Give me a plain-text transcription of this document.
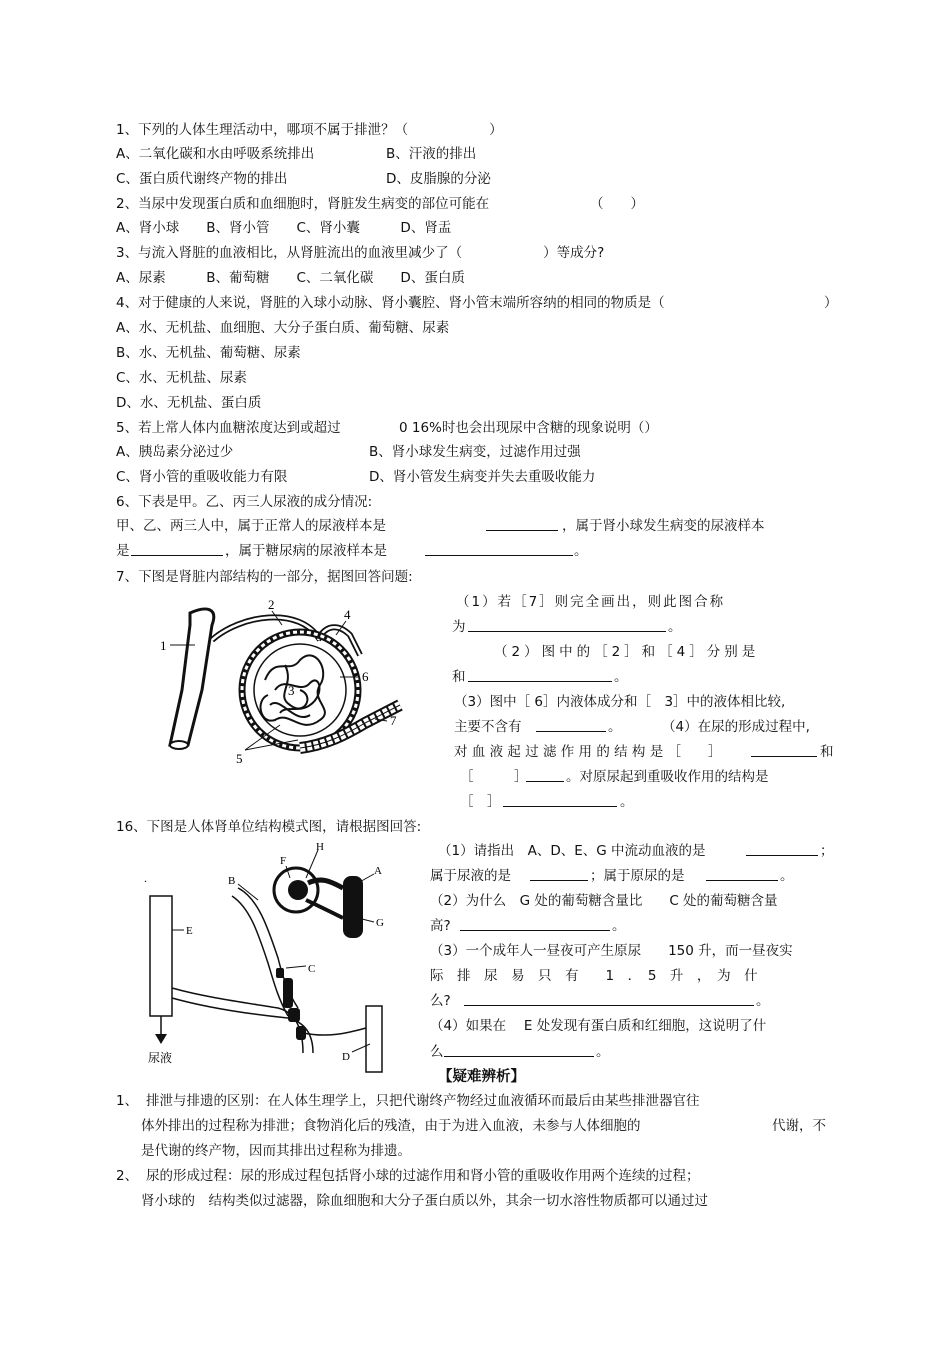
1、下列的人体生理活动中，哪项不属于排泄？（　　　　　　）
A、二氧化碳和水由呼吸系统排出	B、汗液的排出
C、蛋白质代谢终产物的排出	D、皮脂腺的分泌
2、当尿中发现蛋白质和血细胞时，肾脏发生病变的部位可能在	（　　）
A、肾小球　　B、肾小管　　C、肾小囊　　　D、肾盂
3、与流入肾脏的血液相比，从肾脏流出的血液里减少了（　　　　　　）等成分?
A、尿素　　　B、葡萄糖　　C、二氧化碳　　D、蛋白质
4、对于健康的人来说，肾脏的入球小动脉、肾小囊腔、肾小管末端所容纳的相同的物质是（	）
A、水、无机盐、血细胞、大分子蛋白质、葡萄糖、尿素
B、水、无机盐、葡萄糖、尿素
C、水、无机盐、尿素
D、水、无机盐、蛋白质
5、若上常人体内血糖浓度达到或超过	0 16%时也会出现尿中含糖的现象说明（）
A、胰岛素分泌过少	B、肾小球发生病变，过滤作用过强
C、肾小管的重吸收能力有限	D、肾小管发生病变并失去重吸收能力
6、下表是甲。乙、丙三人尿液的成分情况:
甲、乙、两三人中，属于正常人的尿液样本是	，属于肾小球发生病变的尿液样本
是	，属于糖尿病的尿液样本是	。
7、下图是肾脏内部结构的一部分，据图回答问题:
1
2
3
4
5
6
7
（1）若［7］则完全画出，则此图合称
为	。
（2）图中的［2］和［4］分别是
和	。
（3）图中［ 6］内液体成分和［　3］中的液体相比较,
主要不含有	。	（4）在尿的形成过程中,
对 血 液 起 过 滤 作 用 的 结 构 是 ［　　］	和
［　　　］	。对原尿起到重吸收作用的结构是
［　］	。
16、下图是人体肾单位结构模式图，请根据图回答:
尿液
.	A
B
C
D
E
F
G
H	（1）请指出　A、D、E、G 中流动血液的是	；
属于尿液的是	；属于原尿的是	。
（2）为什么　G 处的葡萄糖含量比　　C 处的葡萄糖含量
高?	。
（3）一个成年人一昼夜可产生原尿　　150 升，而一昼夜实
际　排　尿　易　只　有　　1　．　5　升　，　为　什
么?	。
（4）如果在　 E 处发现有蛋白质和红细胞，这说明了什
么	。
【疑难辨析】
1、 排泄与排遗的区别：在人体生理学上，只把代谢终产物经过血液循环而最后由某些排泄器官往
体外排出的过程称为排泄；食物消化后的残渣，由于为进入血液，未参与人体细胞的	代谢，不
是代谢的终产物，因而其排出过程称为排遗。
2、 尿的形成过程：尿的形成过程包括肾小球的过滤作用和肾小管的重吸收作用两个连续的过程；
肾小球的　结构类似过滤器，除血细胞和大分子蛋白质以外，其余一切水溶性物质都可以通过过
